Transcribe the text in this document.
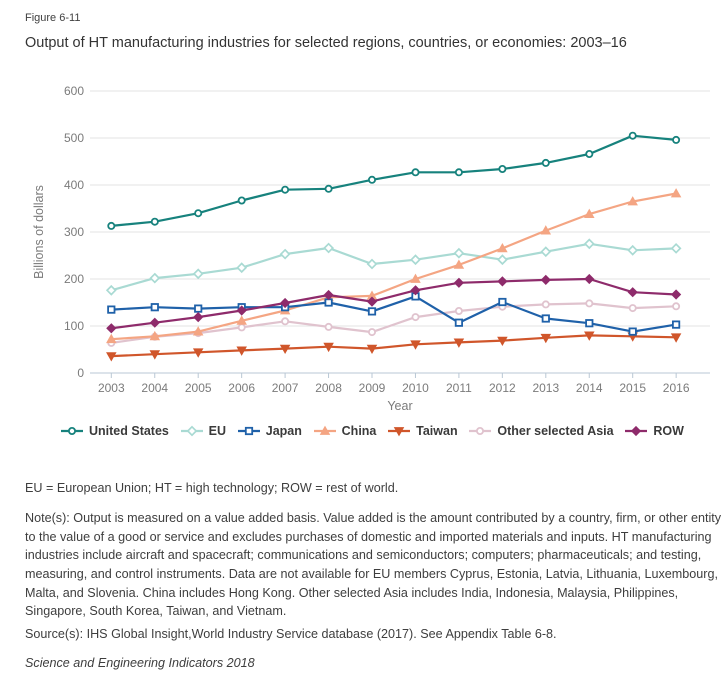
Figure 6-11
Output of HT manufacturing industries for selected regions, countries, or economies: 2003–16
0
100
200
300
400
500
600
2003 2004 2005 2006 2007 2008 2009 2010 2011 2012 2013 2014 2015 2016
Year
Billions of dollars
United States	EU	Japan	China	Taiwan	Other selected Asia	ROW
EU = European Union; HT = high technology; ROW = rest of world.
Note(s): Output is measured on a value added basis. Value added is the amount contributed by a country, firm, or other entity to the value of a good or service and excludes purchases of domestic and imported materials and inputs. HT manufacturing industries include aircraft and spacecraft; communications and semiconductors; computers; pharmaceuticals; and testing, measuring, and control instruments. Data are not available for EU members Cyprus, Estonia, Latvia, Lithuania, Luxembourg, Malta, and Slovenia. China includes Hong Kong. Other selected Asia includes India, Indonesia, Malaysia, Philippines, Singapore, South Korea, Taiwan, and Vietnam.
Source(s): IHS Global Insight,World Industry Service database (2017). See Appendix Table 6-8.
Science and Engineering Indicators 2018
